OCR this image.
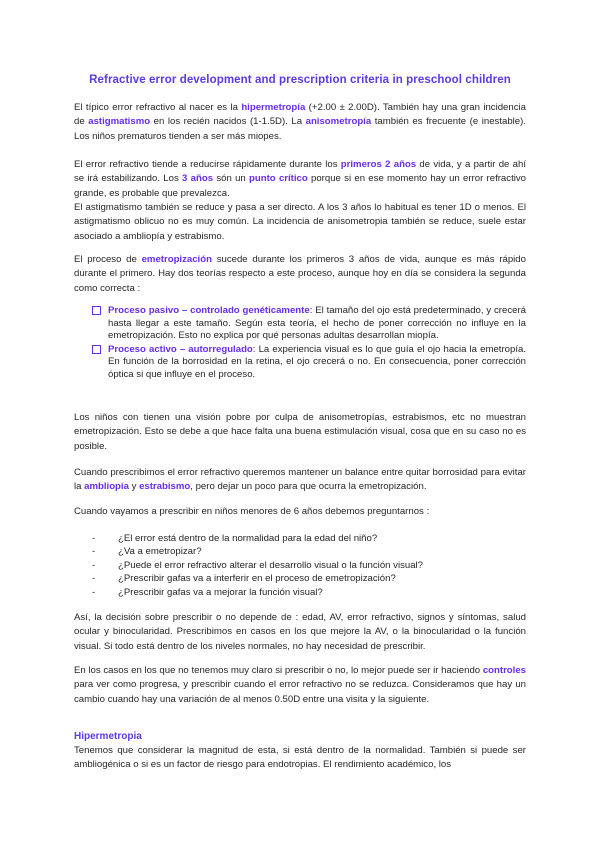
Refractive error development and prescription criteria in preschool children

El típico error refractivo al nacer es la hipermetropía (+2.00 ± 2.00D). También hay una gran incidencia de astigmatismo en los recién nacidos (1-1.5D). La anisometropía también es frecuente (e inestable). Los niños prematuros tienden a ser más miopes.

El error refractivo tiende a reducirse rápidamente durante los primeros 2 años de vida, y a partir de ahí se irá estabilizando. Los 3 años són un punto crítico porque si en ese momento hay un error refractivo grande, es probable que prevalezca.

El astigmatismo también se reduce y pasa a ser directo. A los 3 años lo habitual es tener 1D o menos. El astigmatismo oblicuo no es muy común. La incidencia de anisometropia también se reduce, suele estar asociado a ambliopía y estrabismo.

El proceso de emetropización sucede durante los primeros 3 años de vida, aunque es más rápido durante el primero. Hay dos teorías respecto a este proceso, aunque hoy en día se considera la segunda como correcta :

Proceso pasivo – controlado genéticamente: El tamaño del ojo está predeterminado, y crecerá hasta llegar a este tamaño. Según esta teoría, el hecho de poner corrección no influye en la emetropización. Esto no explica por qué personas adultas desarrollan miopía.
Proceso activo – autorregulado: La experiencia visual es lo que guía el ojo hacia la emetropía. En función de la borrosidad en la retina, el ojo crecerá o no. En consecuencia, poner corrección óptica si que influye en el proceso.

Los niños con tienen una visión pobre por culpa de anisometropías, estrabismos, etc no muestran emetropización. Esto se debe a que hace falta una buena estimulación visual, cosa que en su caso no es posible.

Cuando prescribimos el error refractivo queremos mantener un balance entre quitar borrosidad para evitar la ambliopía y estrabismo, pero dejar un poco para que ocurra la emetropización.

Cuando vayamos a prescribir en niños menores de 6 años debemos preguntarnos :

- ¿El error está dentro de la normalidad para la edad del niño?
- ¿Va a emetropizar?
- ¿Puede el error refractivo alterar el desarrollo visual o la función visual?
- ¿Prescribir gafas va a interferir en el proceso de emetropización?
- ¿Prescribir gafas va a mejorar la función visual?

Así, la decisión sobre prescribir o no depende de : edad, AV, error refractivo, signos y síntomas, salud ocular y binocularidad. Prescribimos en casos en los que mejore la AV, o la binocularidad o la función visual. Si todo está dentro de los niveles normales, no hay necesidad de prescribir.

En los casos en los que no tenemos muy claro si prescribir o no, lo mejor puede ser ir haciendo controles para ver como progresa, y prescribir cuando el error refractivo no se reduzca. Consideramos que hay un cambio cuando hay una variación de al menos 0.50D entre una visita y la siguiente.

Hipermetropia

Tenemos que considerar la magnitud de esta, si está dentro de la normalidad. También si puede ser ambliogénica o si es un factor de riesgo para endotropias. El rendimiento académico, los
